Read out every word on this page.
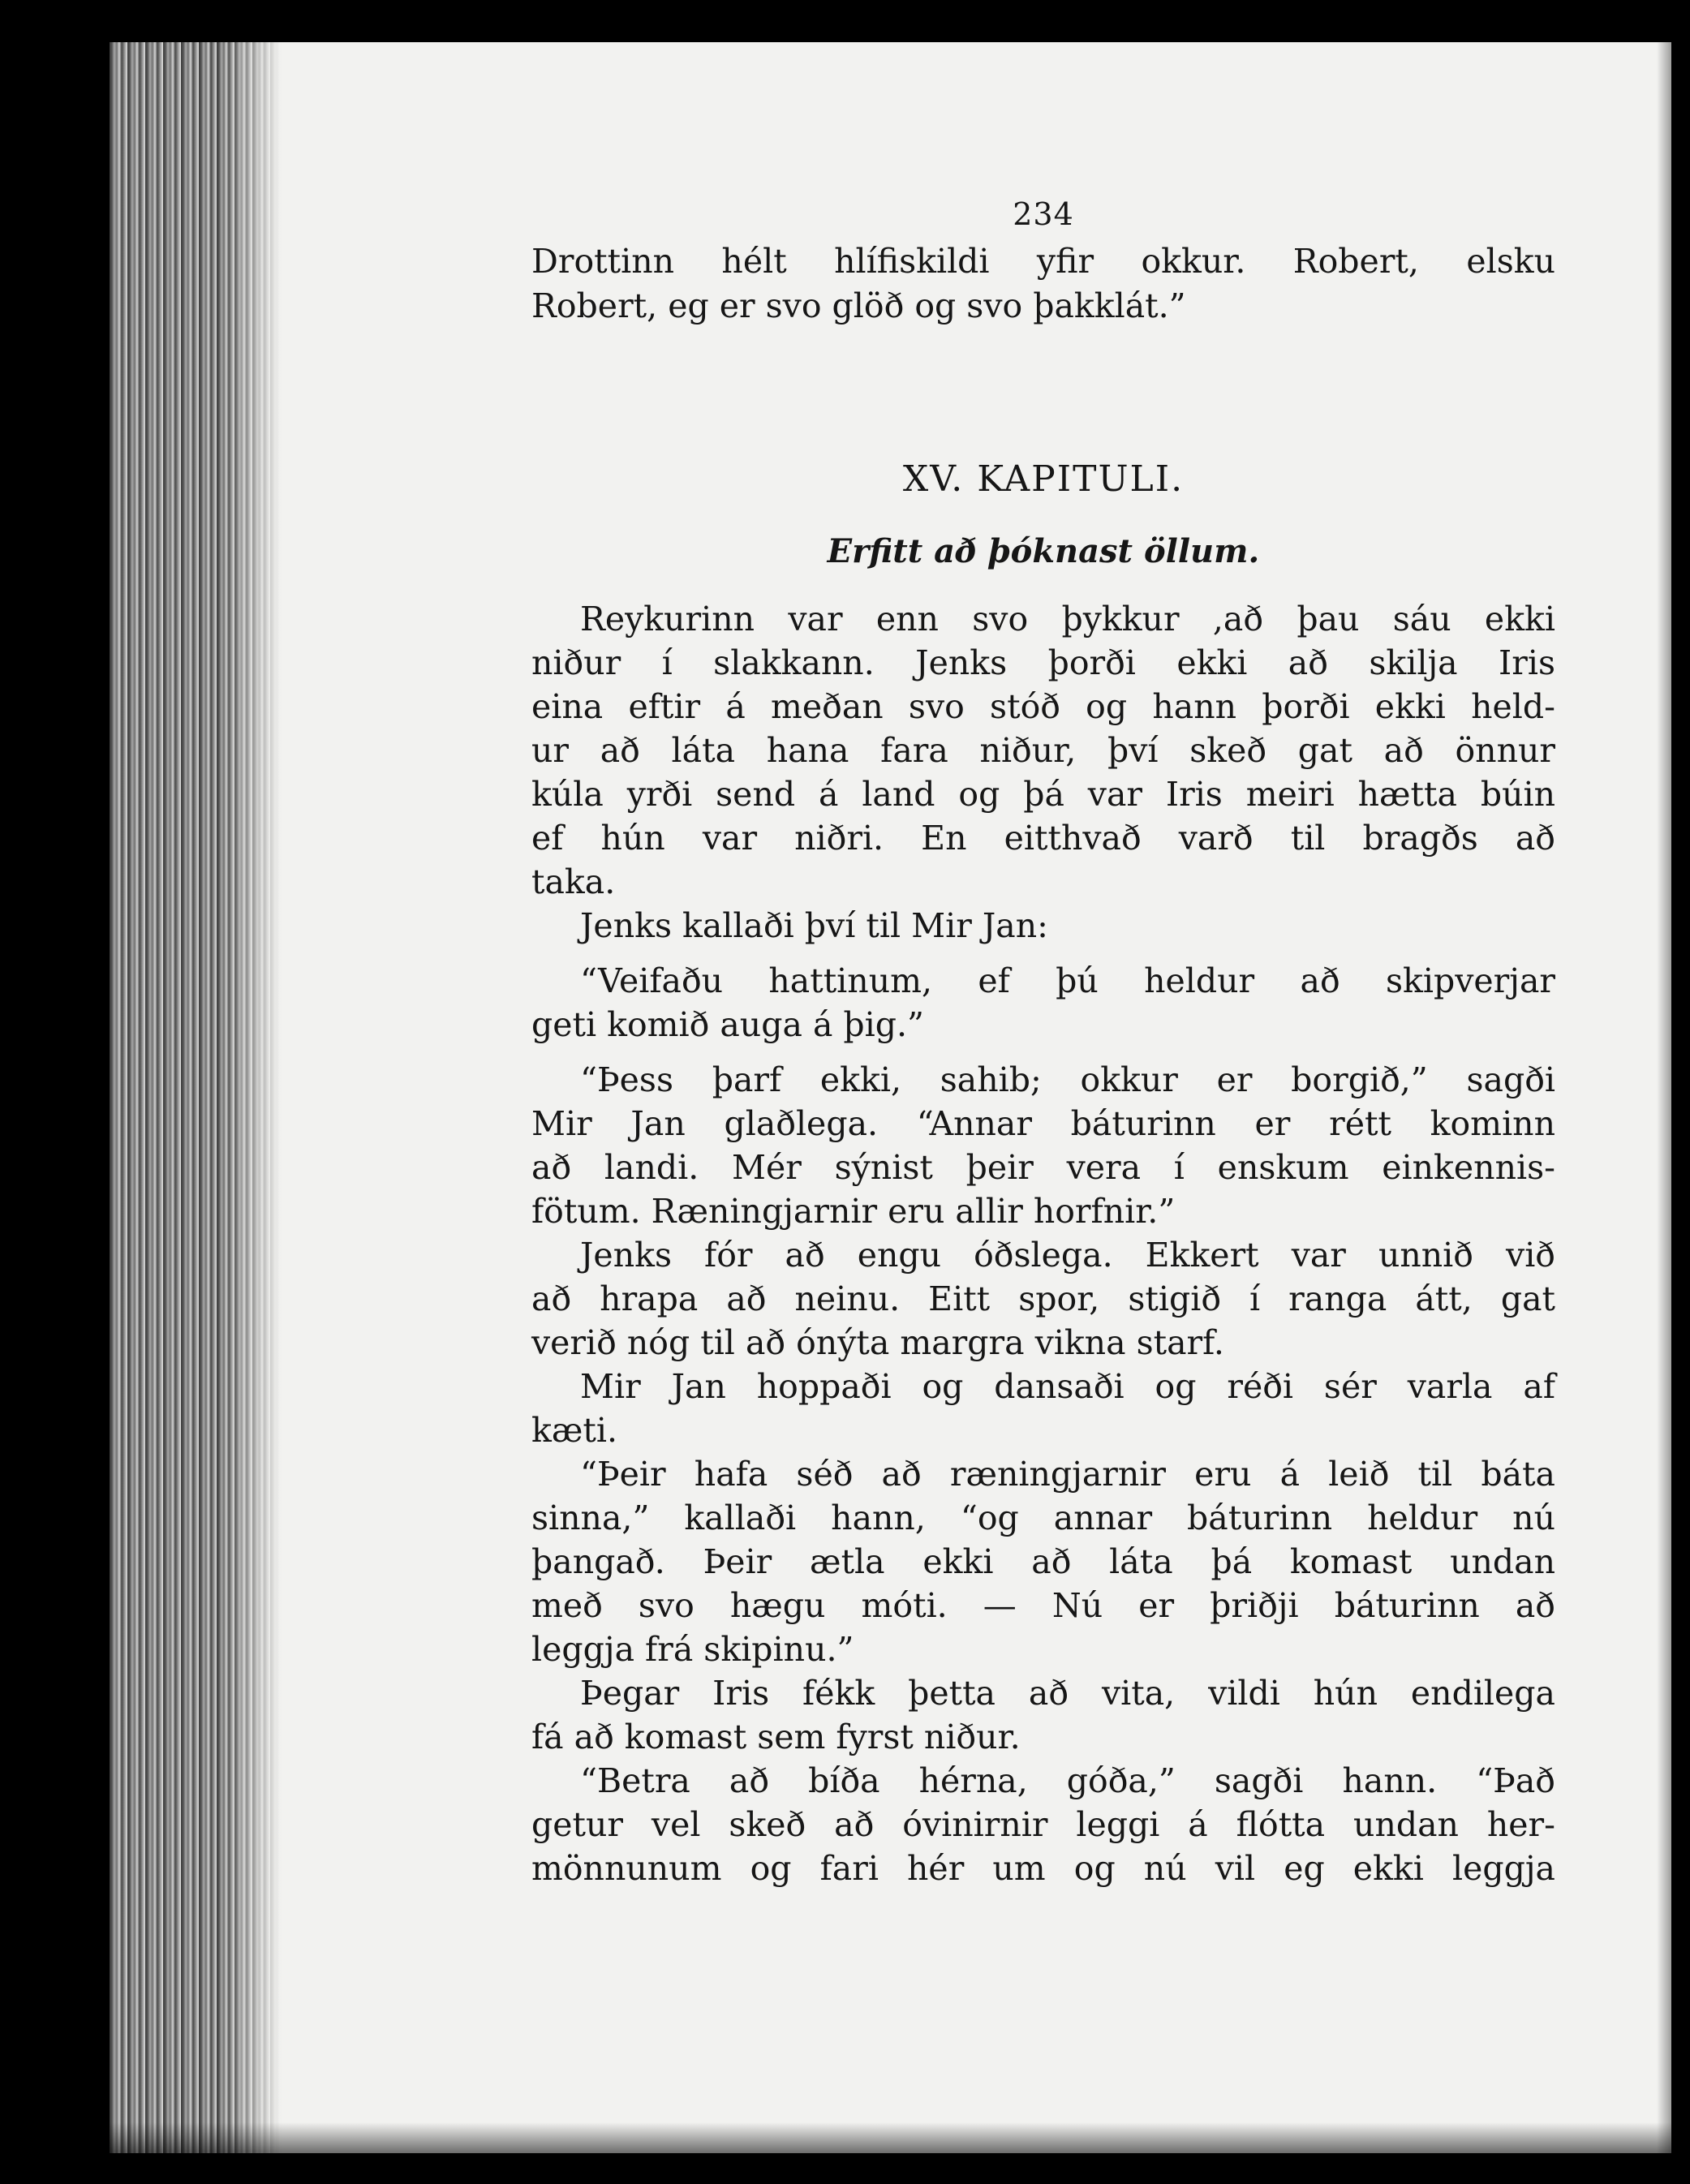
234
Drottinn hélt hlífiskildi yfir okkur. Robert, elsku
Robert, eg er svo glöð og svo þakklát.”
XV. KAPITULI.
Erfitt að þóknast öllum.
Reykurinn var enn svo þykkur ,að þau sáu ekki
niður í slakkann. Jenks þorði ekki að skilja Iris
eina eftir á meðan svo stóð og hann þorði ekki held-
ur að láta hana fara niður, því skeð gat að önnur
kúla yrði send á land og þá var Iris meiri hætta búin
ef hún var niðri. En eitthvað varð til bragðs að
taka.
Jenks kallaði því til Mir Jan:
“Veifaðu hattinum, ef þú heldur að skipverjar
geti komið auga á þig.”
“Þess þarf ekki, sahib; okkur er borgið,” sagði
Mir Jan glaðlega. “Annar báturinn er rétt kominn
að landi. Mér sýnist þeir vera í enskum einkennis-
fötum. Ræningjarnir eru allir horfnir.”
Jenks fór að engu óðslega. Ekkert var unnið við
að hrapa að neinu. Eitt spor, stigið í ranga átt, gat
verið nóg til að ónýta margra vikna starf.
Mir Jan hoppaði og dansaði og réði sér varla af
kæti.
“Þeir hafa séð að ræningjarnir eru á leið til báta
sinna,” kallaði hann, “og annar báturinn heldur nú
þangað. Þeir ætla ekki að láta þá komast undan
með svo hægu móti. — Nú er þriðji báturinn að
leggja frá skipinu.”
Þegar Iris fékk þetta að vita, vildi hún endilega
fá að komast sem fyrst niður.
“Betra að bíða hérna, góða,” sagði hann. “Það
getur vel skeð að óvinirnir leggi á flótta undan her-
mönnunum og fari hér um og nú vil eg ekki leggja
